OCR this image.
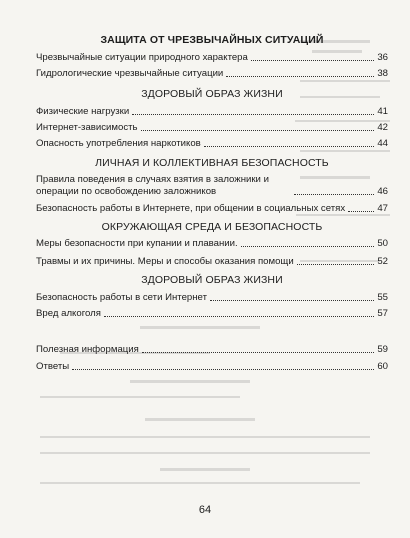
ЗАЩИТА ОТ ЧРЕЗВЫЧАЙНЫХ СИТУАЦИЙ
Чрезвычайные ситуации природного характера	36
Гидрологические чрезвычайные ситуации	38
ЗДОРОВЫЙ ОБРАЗ ЖИЗНИ
Физические нагрузки	41
Интернет-зависимость	42
Опасность употребления наркотиков	44
ЛИЧНАЯ И КОЛЛЕКТИВНАЯ БЕЗОПАСНОСТЬ
Правила поведения в случаях взятия в заложники и операции по освобождению заложников	46
Безопасность работы в Интернете, при общении в социальных сетях	47
ОКРУЖАЮЩАЯ СРЕДА И БЕЗОПАСНОСТЬ
Меры безопасности при купании и плавании.	50
Травмы и их причины. Меры и способы оказания помощи	52
ЗДОРОВЫЙ ОБРАЗ ЖИЗНИ
Безопасность работы в сети Интернет	55
Вред алкоголя	57
Полезная информация	59
Ответы	60
64
